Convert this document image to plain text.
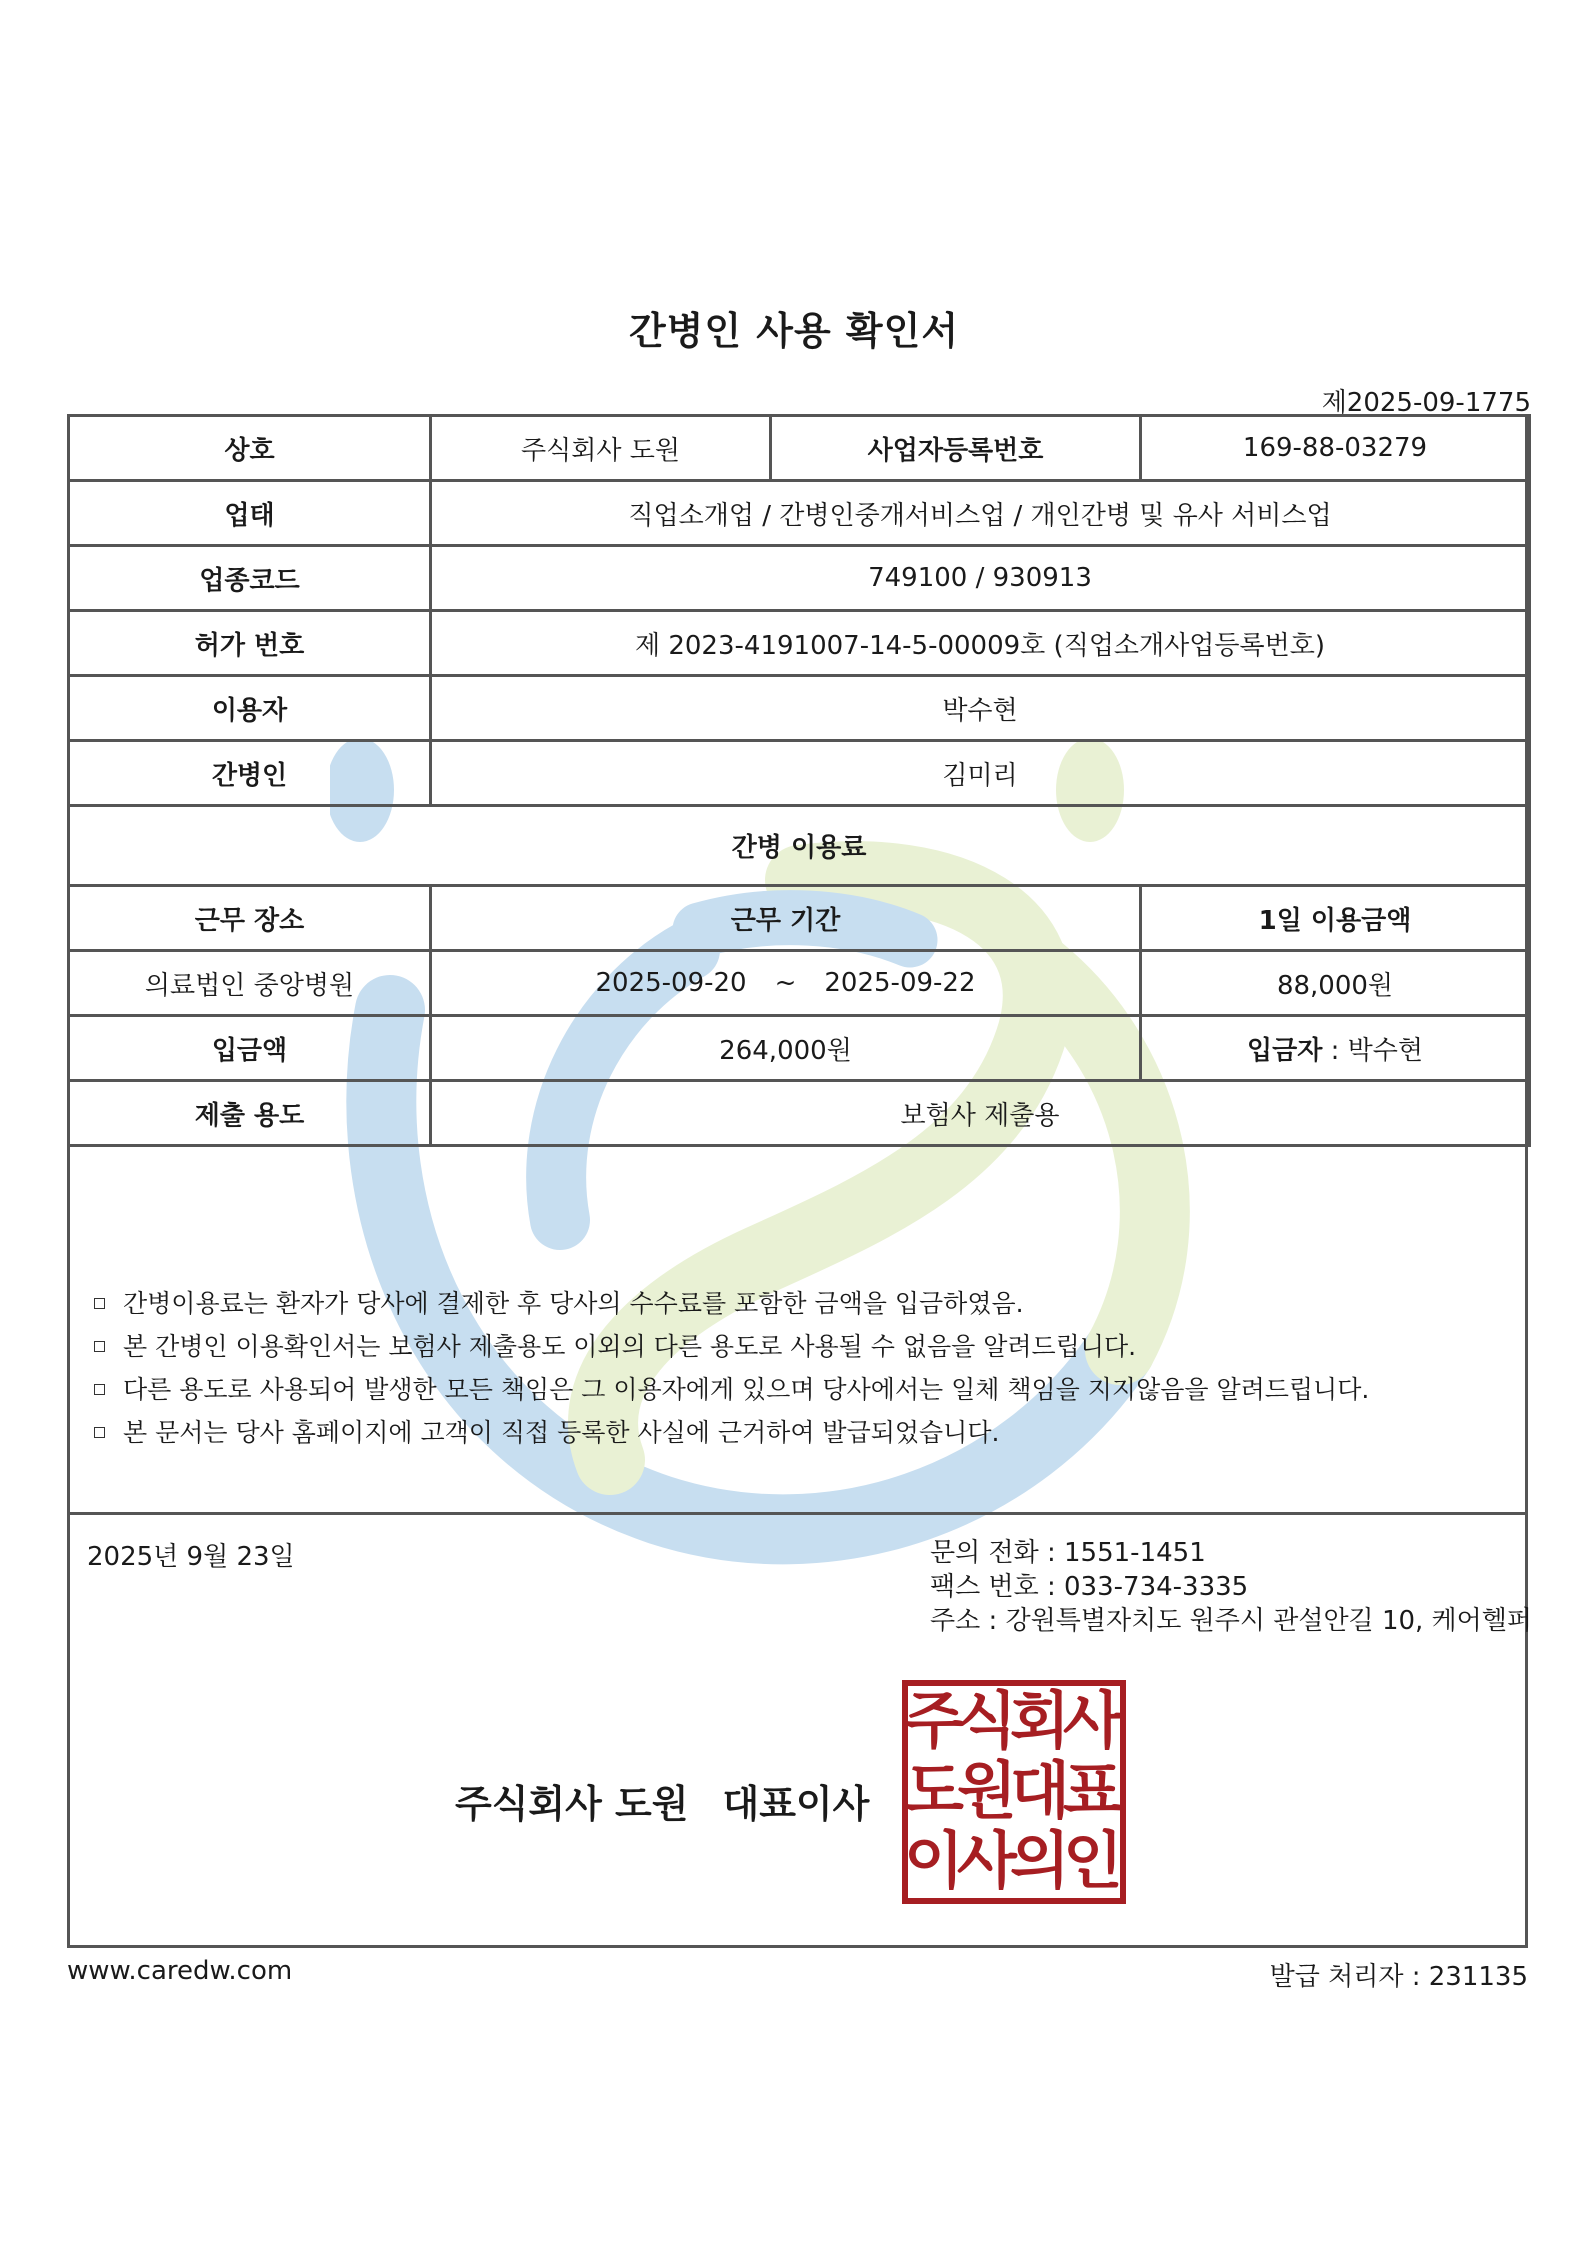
간병인 사용 확인서
제2025-09-1775
상호	주식회사 도원	사업자등록번호	169-88-03279
업태	직업소개업 / 간병인중개서비스업 / 개인간병 및 유사 서비스업		
업종코드	749100 / 930913		
허가 번호	제 2023-4191007-14-5-00009호 (직업소개사업등록번호)		
이용자	박수현		
간병인	김미리		
간병 이용료			
근무 장소	근무 기간		1일 이용금액
의료법인 중앙병원	2025-09-20 ~ 2025-09-22		88,000원
입금액	264,000원		입금자 : 박수현
제출 용도	보험사 제출용		
간병이용료는 환자가 당사에 결제한 후 당사의 수수료를 포함한 금액을 입금하였음.
본 간병인 이용확인서는 보험사 제출용도 이외의 다른 용도로 사용될 수 없음을 알려드립니다.
다른 용도로 사용되어 발생한 모든 책임은 그 이용자에게 있으며 당사에서는 일체 책임을 지지않음을 알려드립니다.
본 문서는 당사 홈페이지에 고객이 직접 등록한 사실에 근거하여 발급되었습니다.
2025년 9월 23일	문의 전화 : 1551-1451
팩스 번호 : 033-734-3335
주소 : 강원특별자치도 원주시 관설안길 10, 케어헬퍼
주식회사 도원 대표이사
주
식
회
사
도
원
대
표
이
사
의
인
www.caredw.com	발급 처리자 : 231135
